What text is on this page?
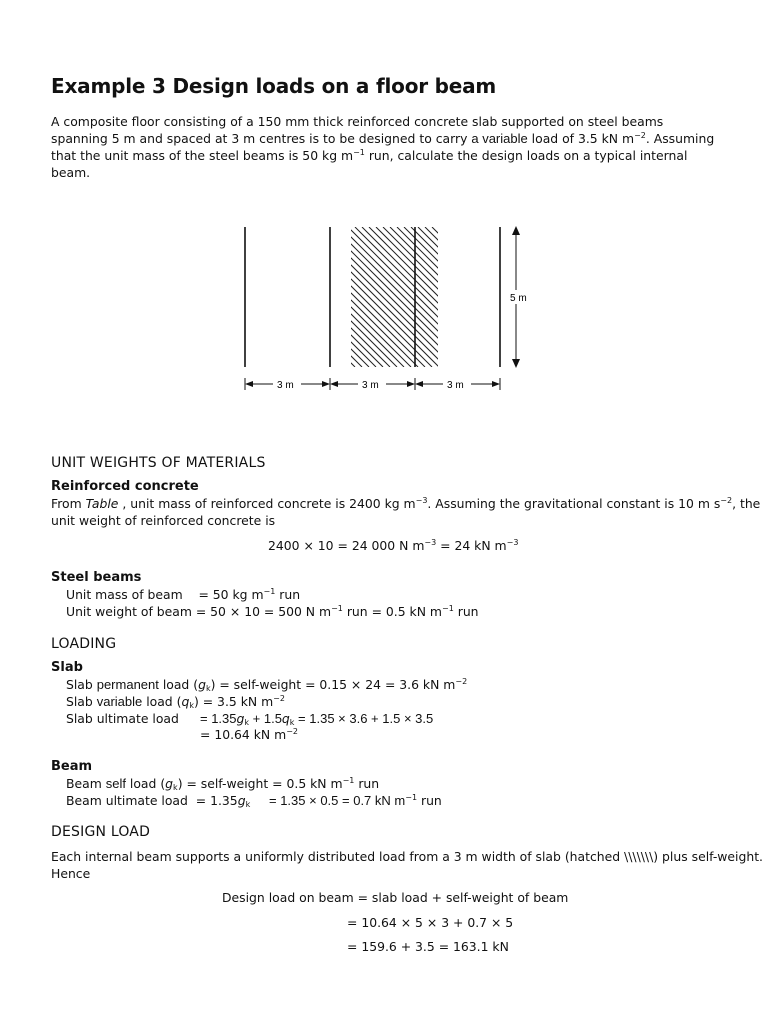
Example 3 Design loads on a floor beam
A composite floor consisting of a 150 mm thick reinforced concrete slab supported on steel beams spanning 5 m and spaced at 3 m centres is to be designed to carry a variable load of 3.5 kN $m^{-2}$. Assuming that the unit mass of the steel beams is 50 kg $m^{-1}$ run, calculate the design loads on a typical internal beam.
5 m
3 m	3 m	3 m
UNIT WEIGHTS OF MATERIALS
Reinforced concrete
From Table , unit mass of reinforced concrete is 2400 kg $m^{-3}$. Assuming the gravitational constant is 10 m $s^{-2}$, the
unit weight of reinforced concrete is
2400 × 10 = 24 000 N $m^{-3} = 24$ kN $m^{-3}$
Steel beams
Unit mass of beam    = 50 kg $m^{-1}$ run
Unit weight of beam = 50 × 10 = 500 N $m^{-1}$ run = 0.5 kN $m^{-1}$ run
LOADING
Slab
Slab permanent load $(g_k)$ = self-weight = 0.15 × 24 = 3.6 kN $m^{-2}$
Slab variable load $(q_k) = 3.5$ kN $m^{-2}$
Slab ultimate load = $1.35g_k + 1.5q_k = 1.35 \times 3.6 + 1.5 \times 3.5$
= 10.64 kN $m^{-2}$
Beam
Beam self load $(g_k)$ = self-weight = 0.5 kN $m^{-1}$ run
Beam ultimate load  = $1.35g_k = 1.35 \times 0.5 = 0.7$ kN $m^{-1}$ run
DESIGN LOAD
Each internal beam supports a uniformly distributed load from a 3 m width of slab (hatched \\\\\\\) plus self-weight.
Hence
Design load on beam = slab load + self-weight of beam
= 10.64 × 5 × 3 + 0.7 × 5
= 159.6 + 3.5 = 163.1 kN
